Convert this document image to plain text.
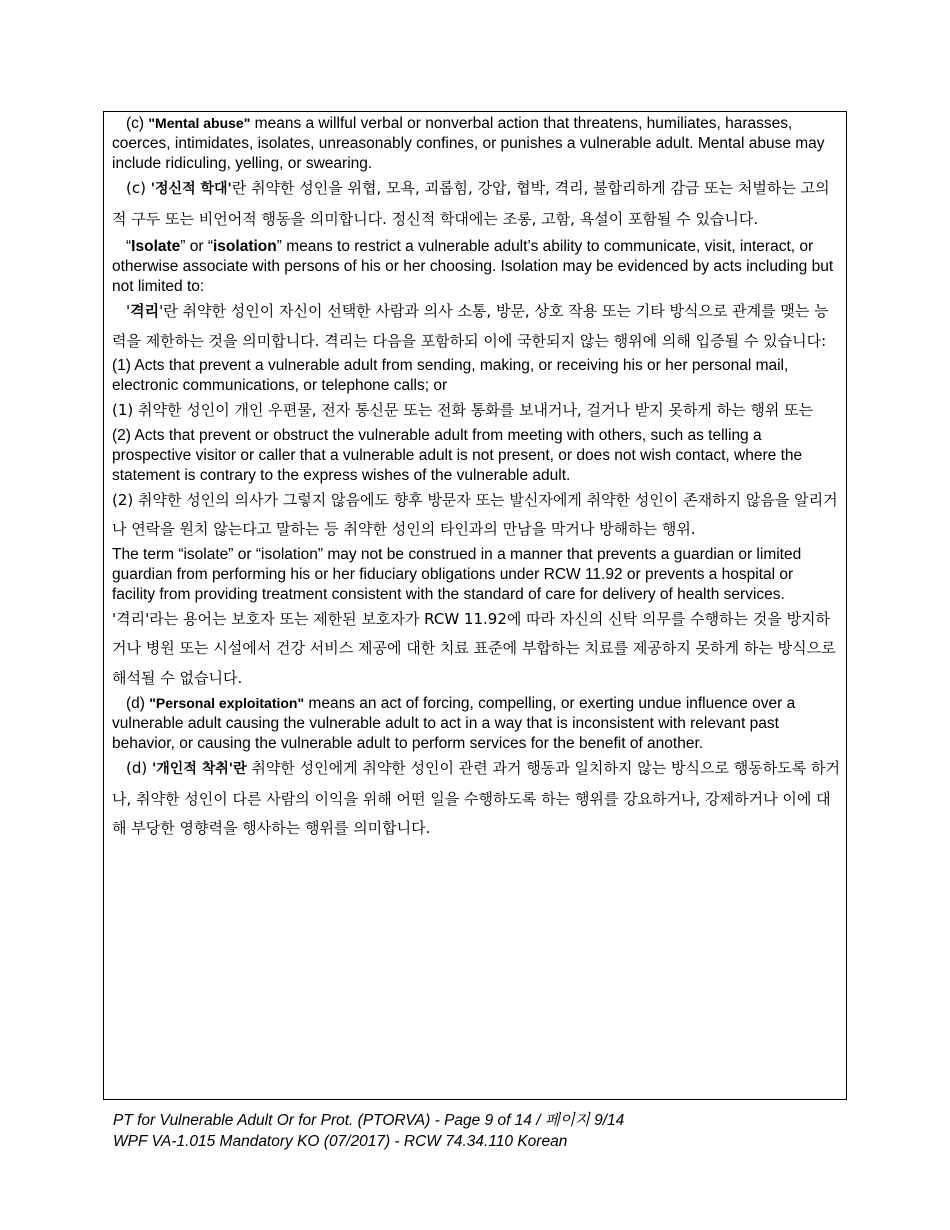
(c) "Mental abuse" means a willful verbal or nonverbal action that threatens, humiliates, harasses, coerces, intimidates, isolates, unreasonably confines, or punishes a vulnerable adult. Mental abuse may include ridiculing, yelling, or swearing.

(c) '정신적 학대'란 취약한 성인을 위협, 모욕, 괴롭힘, 강압, 협박, 격리, 불합리하게 감금 또는 처벌하는 고의적 구두 또는 비언어적 행동을 의미합니다. 정신적 학대에는 조롱, 고함, 욕설이 포함될 수 있습니다.

“Isolate” or “isolation” means to restrict a vulnerable adult’s ability to communicate, visit, interact, or otherwise associate with persons of his or her choosing. Isolation may be evidenced by acts including but not limited to:

'격리'란 취약한 성인이 자신이 선택한 사람과 의사 소통, 방문, 상호 작용 또는 기타 방식으로 관계를 맺는 능력을 제한하는 것을 의미합니다. 격리는 다음을 포함하되 이에 국한되지 않는 행위에 의해 입증될 수 있습니다:

(1) Acts that prevent a vulnerable adult from sending, making, or receiving his or her personal mail, electronic communications, or telephone calls; or

(1) 취약한 성인이 개인 우편물, 전자 통신문 또는 전화 통화를 보내거나, 걸거나 받지 못하게 하는 행위 또는

(2) Acts that prevent or obstruct the vulnerable adult from meeting with others, such as telling a prospective visitor or caller that a vulnerable adult is not present, or does not wish contact, where the statement is contrary to the express wishes of the vulnerable adult.

(2) 취약한 성인의 의사가 그렇지 않음에도 향후 방문자 또는 발신자에게 취약한 성인이 존재하지 않음을 알리거나 연락을 원치 않는다고 말하는 등 취약한 성인의 타인과의 만남을 막거나 방해하는 행위.

The term “isolate” or “isolation” may not be construed in a manner that prevents a guardian or limited guardian from performing his or her fiduciary obligations under RCW 11.92 or prevents a hospital or facility from providing treatment consistent with the standard of care for delivery of health services.

'격리'라는 용어는 보호자 또는 제한된 보호자가 RCW 11.92에 따라 자신의 신탁 의무를 수행하는 것을 방지하거나 병원 또는 시설에서 건강 서비스 제공에 대한 치료 표준에 부합하는 치료를 제공하지 못하게 하는 방식으로 해석될 수 없습니다.

(d) "Personal exploitation" means an act of forcing, compelling, or exerting undue influence over a vulnerable adult causing the vulnerable adult to act in a way that is inconsistent with relevant past behavior, or causing the vulnerable adult to perform services for the benefit of another.

(d) '개인적 착취'란 취약한 성인에게 취약한 성인이 관련 과거 행동과 일치하지 않는 방식으로 행동하도록 하거나, 취약한 성인이 다른 사람의 이익을 위해 어떤 일을 수행하도록 하는 행위를 강요하거나, 강제하거나 이에 대해 부당한 영향력을 행사하는 행위를 의미합니다.

PT for Vulnerable Adult Or for Prot. (PTORVA) - Page 9 of 14 / 페이지 9/14
WPF VA-1.015 Mandatory KO (07/2017) - RCW 74.34.110 Korean
